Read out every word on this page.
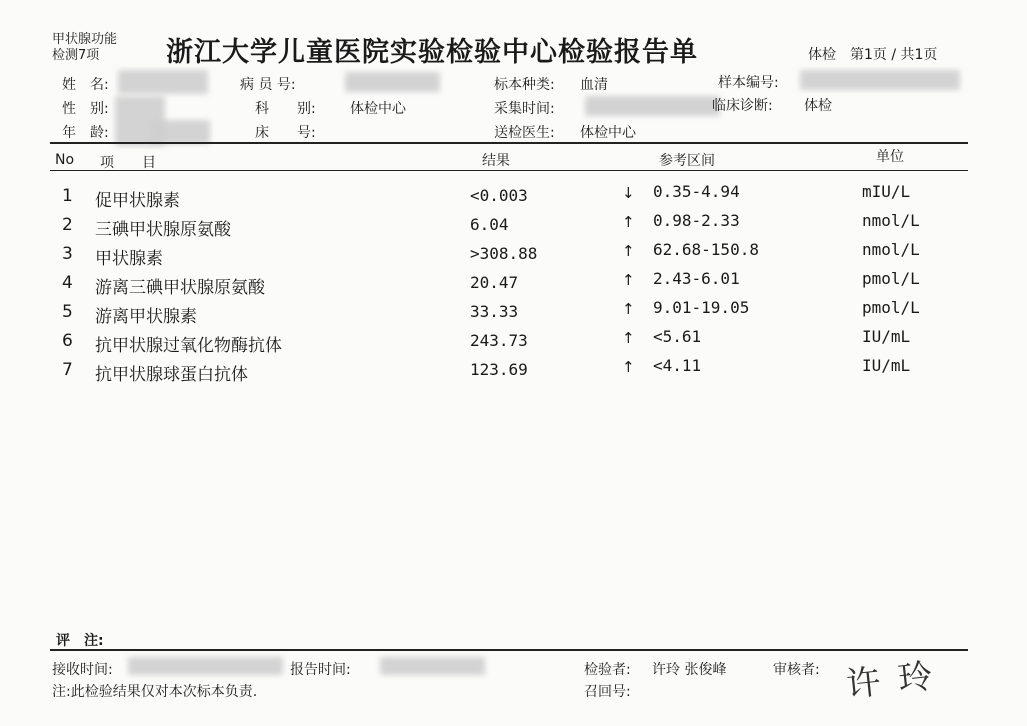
甲状腺功能
检测7项	浙江大学儿童医院实验检验中心检验报告单	体检　第1页 / 共1页
姓　名:
性　别:
年　龄:
病 员 号:
科　　别: 体检中心
床　　号:
标本种类: 血清
采集时间:
送检医生: 体检中心
样本编号:
临床诊断: 体检
No 项　　目	结果	参考区间	单位
1 促甲状腺素	<0.003	↓ 0.35-4.94	mIU/L
2 三碘甲状腺原氨酸	6.04	↑ 0.98-2.33	nmol/L
3 甲状腺素	>308.88	↑ 62.68-150.8	nmol/L
4 游离三碘甲状腺原氨酸	20.47	↑ 2.43-6.01	pmol/L
5 游离甲状腺素	33.33	↑ 9.01-19.05	pmol/L
6 抗甲状腺过氧化物酶抗体	243.73	↑ <5.61	IU/mL
7 抗甲状腺球蛋白抗体	123.69	↑ <4.11	IU/mL
评　注:
接收时间:	报告时间:
注:此检验结果仅对本次标本负责.
检验者: 许玲 张俊峰
召回号:
审核者: 许玲
